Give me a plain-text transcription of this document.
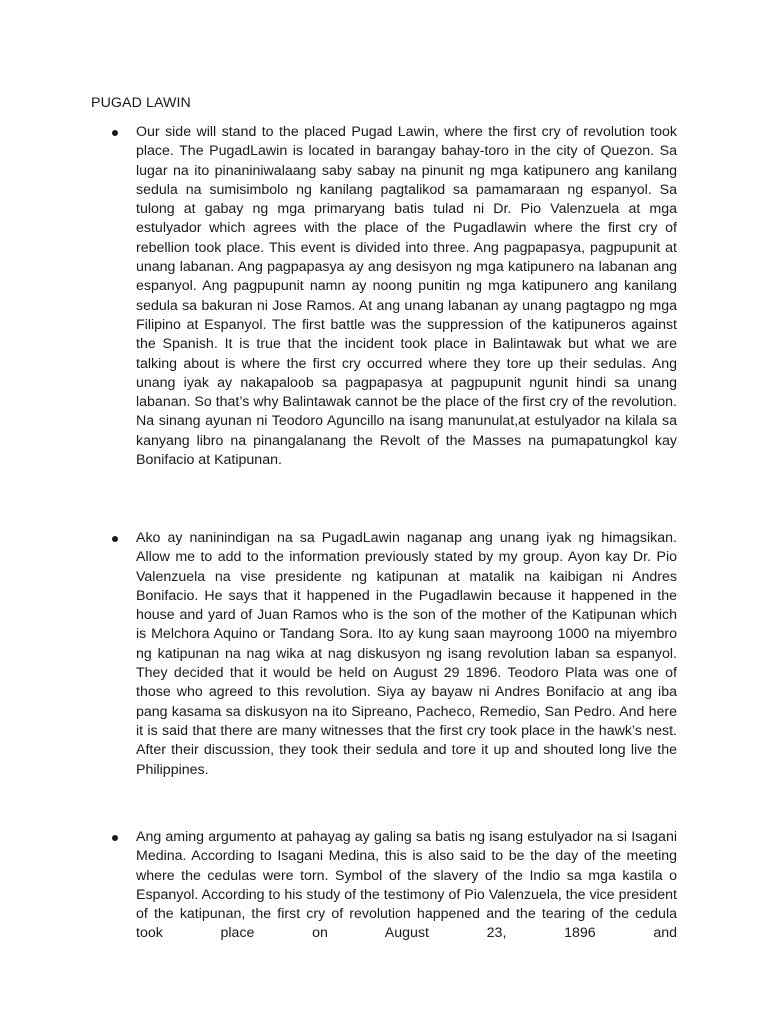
PUGAD LAWIN

Our side will stand to the placed Pugad Lawin, where the first cry of revolution took place. The PugadLawin is located in barangay bahay-toro in the city of Quezon. Sa lugar na ito pinaniniwalaang saby sabay na pinunit ng mga katipunero ang kanilang sedula na sumisimbolo ng kanilang pagtalikod sa pamamaraan ng espanyol. Sa tulong at gabay ng mga primaryang batis tulad ni Dr. Pio Valenzuela at mga estulyador which agrees with the place of the Pugadlawin where the first cry of rebellion took place. This event is divided into three. Ang pagpapasya, pagpupunit at unang labanan. Ang pagpapasya ay ang desisyon ng mga katipunero na labanan ang espanyol. Ang pagpupunit namn ay noong punitin ng mga katipunero ang kanilang sedula sa bakuran ni Jose Ramos. At ang unang labanan ay unang pagtagpo ng mga Filipino at Espanyol. The first battle was the suppression of the katipuneros against the Spanish. It is true that the incident took place in Balintawak but what we are talking about is where the first cry occurred where they tore up their sedulas. Ang unang iyak ay nakapaloob sa pagpapasya at pagpupunit ngunit hindi sa unang labanan. So that’s why Balintawak cannot be the place of the first cry of the revolution. Na sinang ayunan ni Teodoro Aguncillo na isang manunulat,at estulyador na kilala sa kanyang libro na pinangalanang the Revolt of the Masses na pumapatungkol kay Bonifacio at Katipunan.

Ako ay naninindigan na sa PugadLawin naganap ang unang iyak ng himagsikan. Allow me to add to the information previously stated by my group. Ayon kay Dr. Pio Valenzuela na vise presidente ng katipunan at matalik na kaibigan ni Andres Bonifacio. He says that it happened in the Pugadlawin because it happened in the house and yard of Juan Ramos who is the son of the mother of the Katipunan which is Melchora Aquino or Tandang Sora. Ito ay kung saan mayroong 1000 na miyembro ng katipunan na nag wika at nag diskusyon ng isang revolution laban sa espanyol. They decided that it would be held on August 29 1896. Teodoro Plata was one of those who agreed to this revolution. Siya ay bayaw ni Andres Bonifacio at ang iba pang kasama sa diskusyon na ito Sipreano, Pacheco, Remedio, San Pedro. And here it is said that there are many witnesses that the first cry took place in the hawk’s nest. After their discussion, they took their sedula and tore it up and shouted long live the Philippines.

Ang aming argumento at pahayag ay galing sa batis ng isang estulyador na si Isagani Medina. According to Isagani Medina, this is also said to be the day of the meeting where the cedulas were torn. Symbol of the slavery of the Indio sa mga kastila o Espanyol. According to his study of the testimony of Pio Valenzuela, the vice president of the katipunan, the first cry of revolution happened and the tearing of the cedula took place on August 23, 1896 and
